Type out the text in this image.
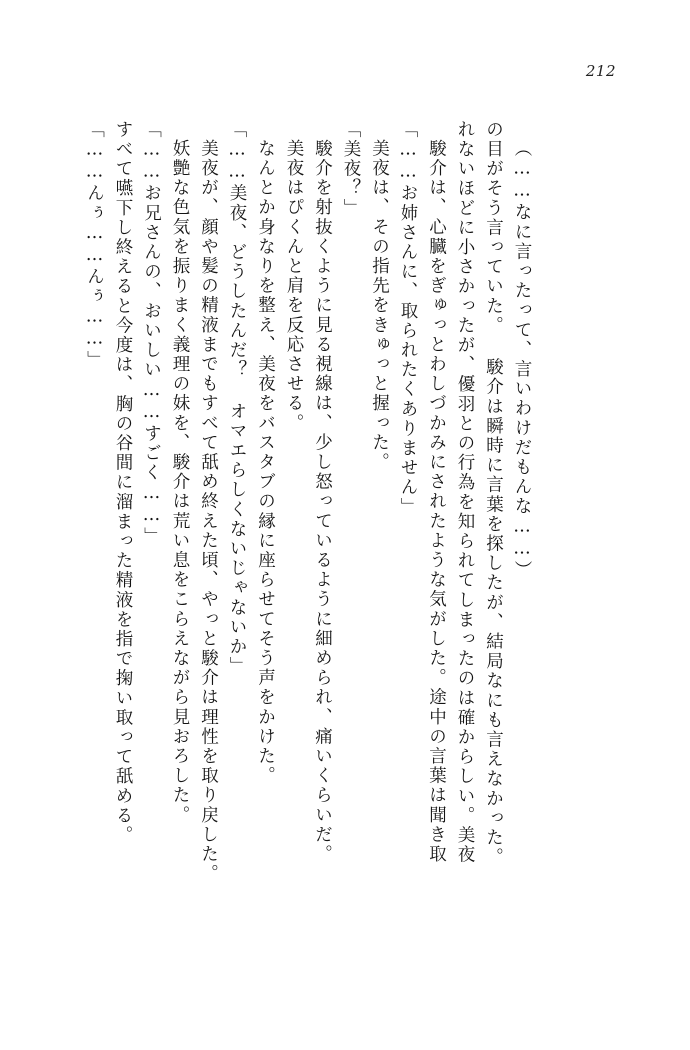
212
「……んぅ……んぅ……」 すべて嚥下し終えると今度は、胸の谷間に溜まった精液を指で掬い取って舐める。 「……お兄さんの、おいしい……すごく……」 妖艶な色気を振りまく義理の妹を、駿介は荒い息をこらえながら見おろした。 美夜が、顔や髪の精液までもすべて舐め終えた頃、やっと駿介は理性を取り戻した。 「……美夜、どうしたんだ？ オマエらしくないじゃないか」 なんとか身なりを整え、美夜をバスタブの縁に座らせてそう声をかけた。 美夜はぴくんと肩を反応させる。 駿介を射抜くように見る視線は、少し怒っているように細められ、痛いくらいだ。 「美夜？」 美夜は、その指先をきゅっと握った。 「……お姉さんに、取られたくありません」 駿介は、心臓をぎゅっとわしづかみにされたような気がした。途中の言葉は聞き取 れないほどに小さかったが、優羽との行為を知られてしまったのは確からしい。美夜 の目がそう言っていた。 駿介は瞬時に言葉を探したが、結局なにも言えなかった。 （……なに言ったって、言いわけだもんな……）
